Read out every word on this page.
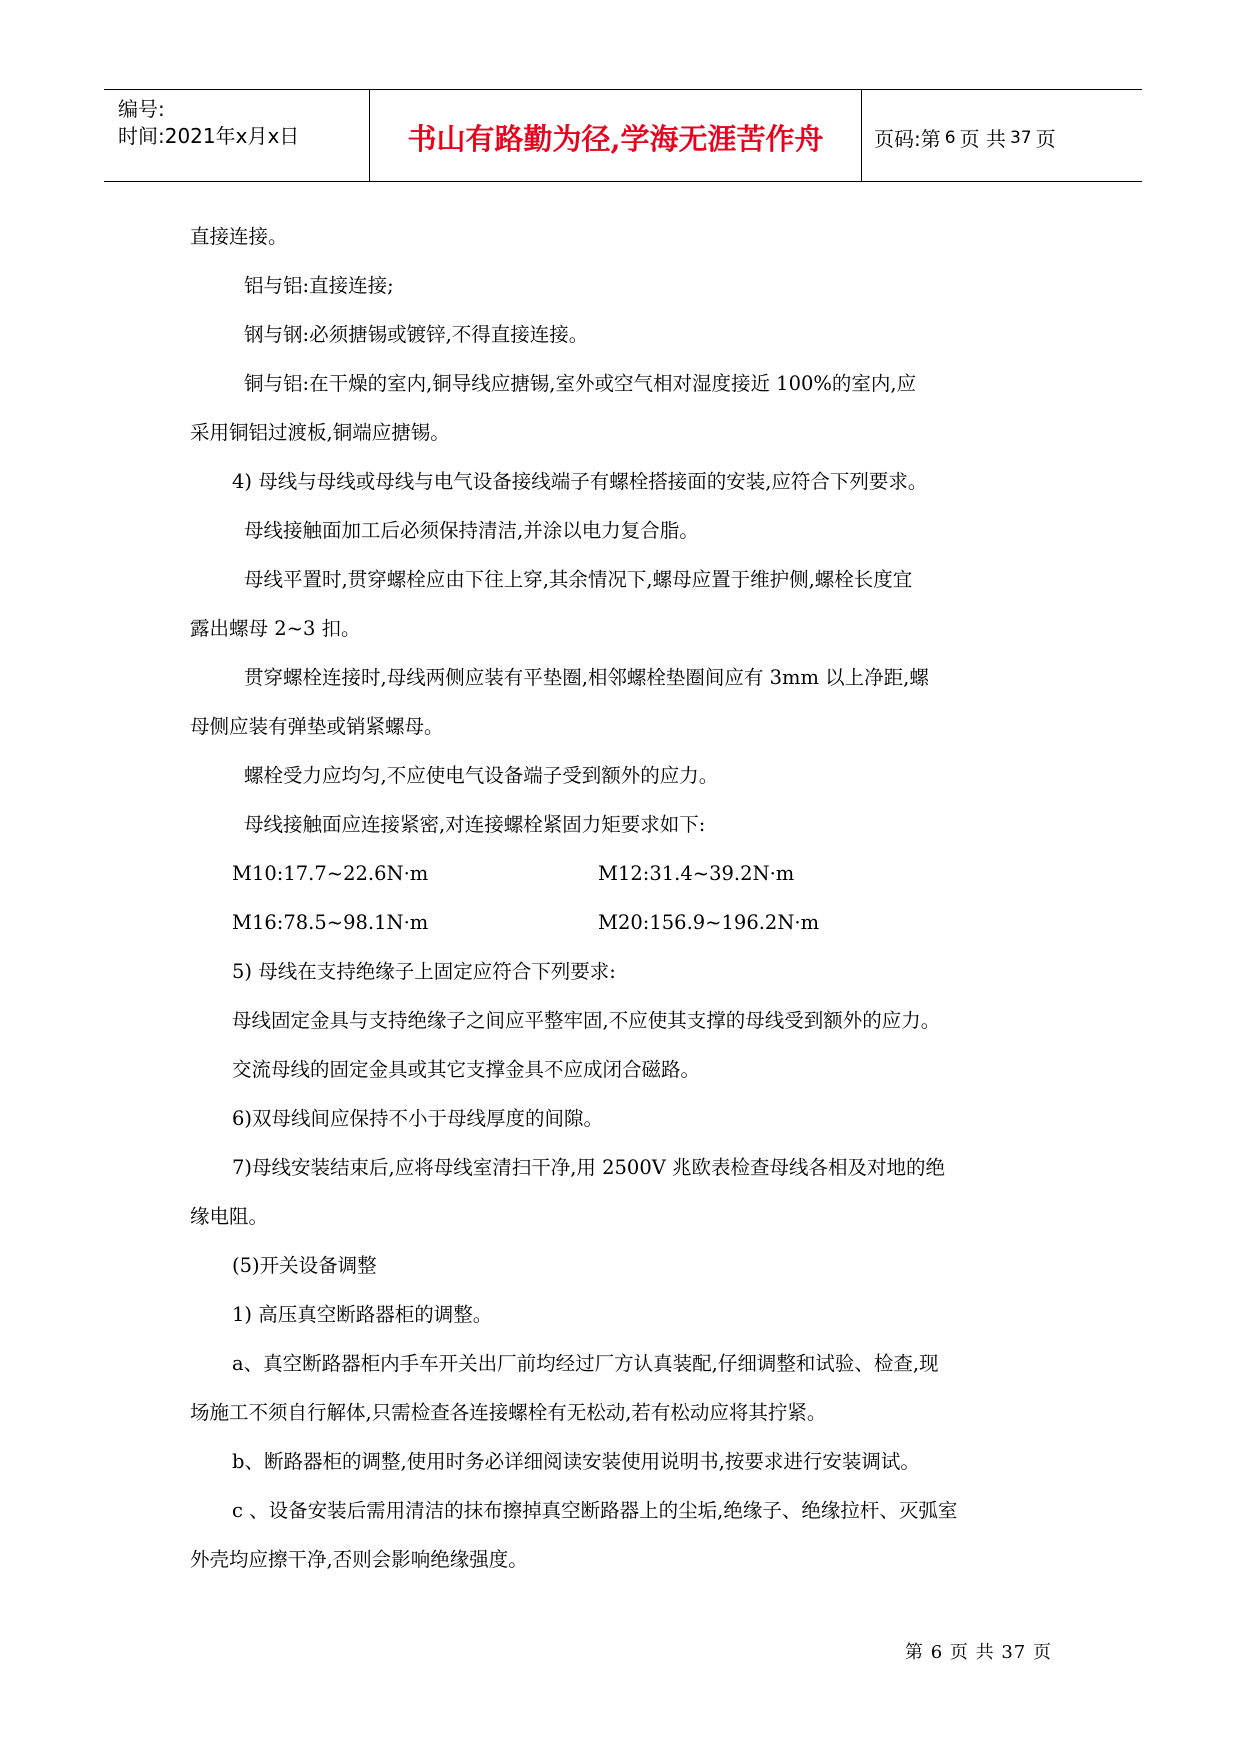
编号:
时间:2021年x月x日	书山有路勤为径,学海无涯苦作舟	页码:第 6 页 共 37 页
直接连接。
铝与铝:直接连接;
钢与钢:必须搪锡或镀锌,不得直接连接。
铜与铝:在干燥的室内,铜导线应搪锡,室外或空气相对湿度接近 100%的室内,应
采用铜铝过渡板,铜端应搪锡。
4) 母线与母线或母线与电气设备接线端子有螺栓搭接面的安装,应符合下列要求。
母线接触面加工后必须保持清洁,并涂以电力复合脂。
母线平置时,贯穿螺栓应由下往上穿,其余情况下,螺母应置于维护侧,螺栓长度宜
露出螺母 2~3 扣。
贯穿螺栓连接时,母线两侧应装有平垫圈,相邻螺栓垫圈间应有 3mm 以上净距,螺
母侧应装有弹垫或销紧螺母。
螺栓受力应均匀,不应使电气设备端子受到额外的应力。
母线接触面应连接紧密,对连接螺栓紧固力矩要求如下:
M10:17.7~22.6N·m	M12:31.4~39.2N·m
M16:78.5~98.1N·m	M20:156.9~196.2N·m
5) 母线在支持绝缘子上固定应符合下列要求:
母线固定金具与支持绝缘子之间应平整牢固,不应使其支撑的母线受到额外的应力。
交流母线的固定金具或其它支撑金具不应成闭合磁路。
6)双母线间应保持不小于母线厚度的间隙。
7)母线安装结束后,应将母线室清扫干净,用 2500V 兆欧表检查母线各相及对地的绝
缘电阻。
(5)开关设备调整
1) 高压真空断路器柜的调整。
a、真空断路器柜内手车开关出厂前均经过厂方认真装配,仔细调整和试验、检查,现
场施工不须自行解体,只需检查各连接螺栓有无松动,若有松动应将其拧紧。
b、断路器柜的调整,使用时务必详细阅读安装使用说明书,按要求进行安装调试。
c 、设备安装后需用清洁的抹布擦掉真空断路器上的尘垢,绝缘子、绝缘拉杆、灭弧室
外壳均应擦干净,否则会影响绝缘强度。
第 6 页 共 37 页
